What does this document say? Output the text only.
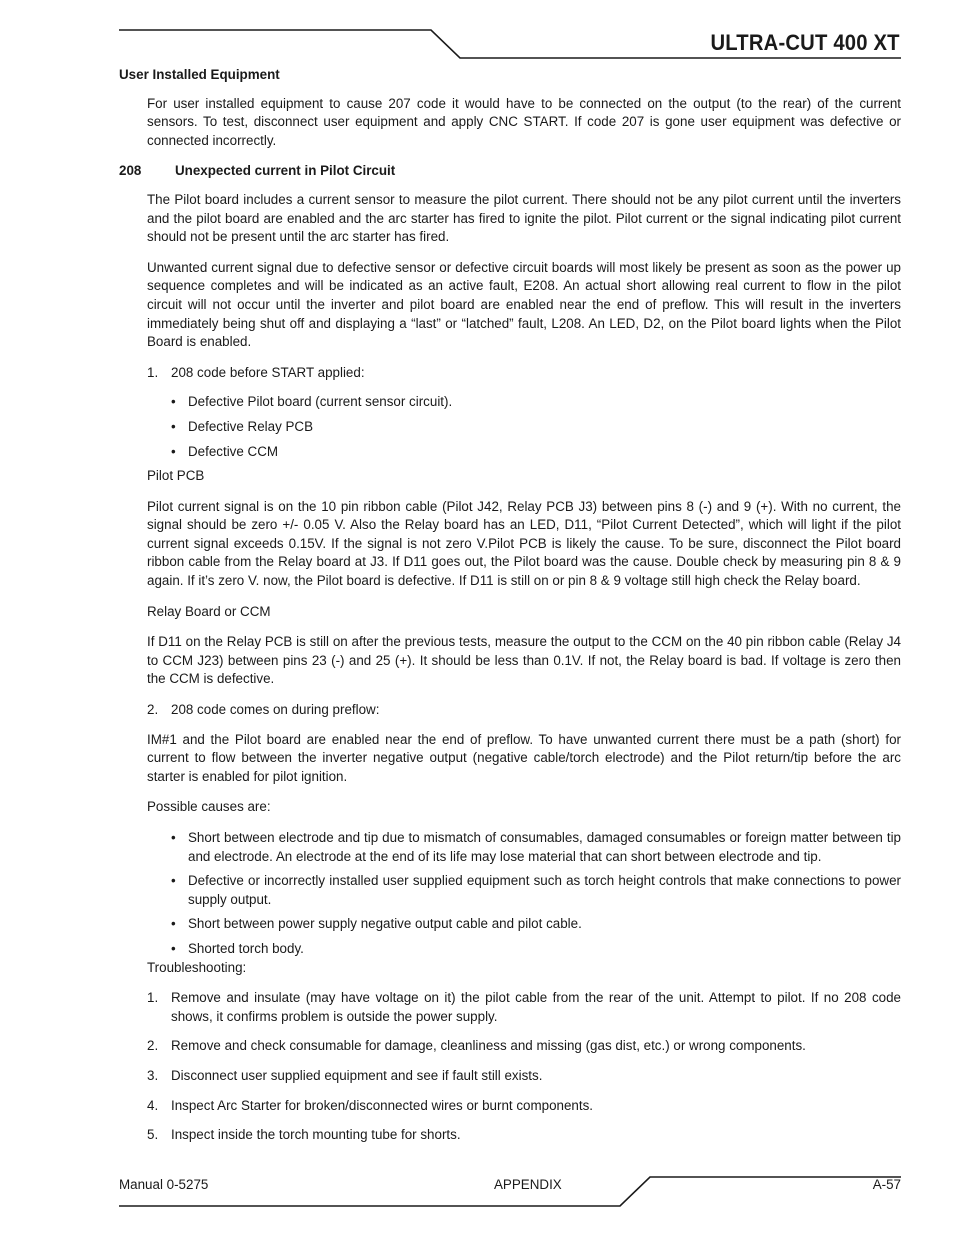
ULTRA-CUT 400 XT

User Installed Equipment

For user installed equipment to cause 207 code it would have to be connected on the output (to the rear) of the current sensors. To test, disconnect user equipment and apply CNC START. If code 207 is gone user equipment was defective or connected incorrectly.

208	Unexpected current in Pilot Circuit

The Pilot board includes a current sensor to measure the pilot current. There should not be any pilot current until the inverters and the pilot board are enabled and the arc starter has fired to ignite the pilot. Pilot current or the signal indicating pilot current should not be present until the arc starter has fired.

Unwanted current signal due to defective sensor or defective circuit boards will most likely be present as soon as the power up sequence completes and will be indicated as an active fault, E208. An actual short allowing real current to flow in the pilot circuit will not occur until the inverter and pilot board are enabled near the end of preflow. This will result in the inverters immediately being shut off and displaying a “last” or “latched” fault, L208. An LED, D2, on the Pilot board lights when the Pilot Board is enabled.

1. 208 code before START applied:
• Defective Pilot board (current sensor circuit).
• Defective Relay PCB
• Defective CCM

Pilot PCB

Pilot current signal is on the 10 pin ribbon cable (Pilot J42, Relay PCB J3) between pins 8 (-) and 9 (+). With no current, the signal should be zero +/- 0.05 V. Also the Relay board has an LED, D11, “Pilot Current Detected”, which will light if the pilot current signal exceeds 0.15V. If the signal is not zero V.Pilot PCB is likely the cause. To be sure, disconnect the Pilot board ribbon cable from the Relay board at J3. If D11 goes out, the Pilot board was the cause. Double check by measuring pin 8 & 9 again. If it’s zero V. now, the Pilot board is defective. If D11 is still on or pin 8 & 9 voltage still high check the Relay board.

Relay Board or CCM

If D11 on the Relay PCB is still on after the previous tests, measure the output to the CCM on the 40 pin ribbon cable (Relay J4 to CCM J23) between pins 23 (-) and 25 (+). It should be less than 0.1V. If not, the Relay board is bad. If voltage is zero then the CCM is defective.

2. 208 code comes on during preflow:

IM#1 and the Pilot board are enabled near the end of preflow. To have unwanted current there must be a path (short) for current to flow between the inverter negative output (negative cable/torch electrode) and the Pilot return/tip before the arc starter is enabled for pilot ignition.

Possible causes are:

• Short between electrode and tip due to mismatch of consumables, damaged consumables or foreign matter between tip and electrode. An electrode at the end of its life may lose material that can short between electrode and tip.
• Defective or incorrectly installed user supplied equipment such as torch height controls that make connections to power supply output.
• Short between power supply negative output cable and pilot cable.
• Shorted torch body.

Troubleshooting:

1. Remove and insulate (may have voltage on it) the pilot cable from the rear of the unit. Attempt to pilot. If no 208 code shows, it confirms problem is outside the power supply.
2. Remove and check consumable for damage, cleanliness and missing (gas dist, etc.) or wrong components.
3. Disconnect user supplied equipment and see if fault still exists.
4. Inspect Arc Starter for broken/disconnected wires or burnt components.
5. Inspect inside the torch mounting tube for shorts.
Manual 0-5275	APPENDIX	A-57
